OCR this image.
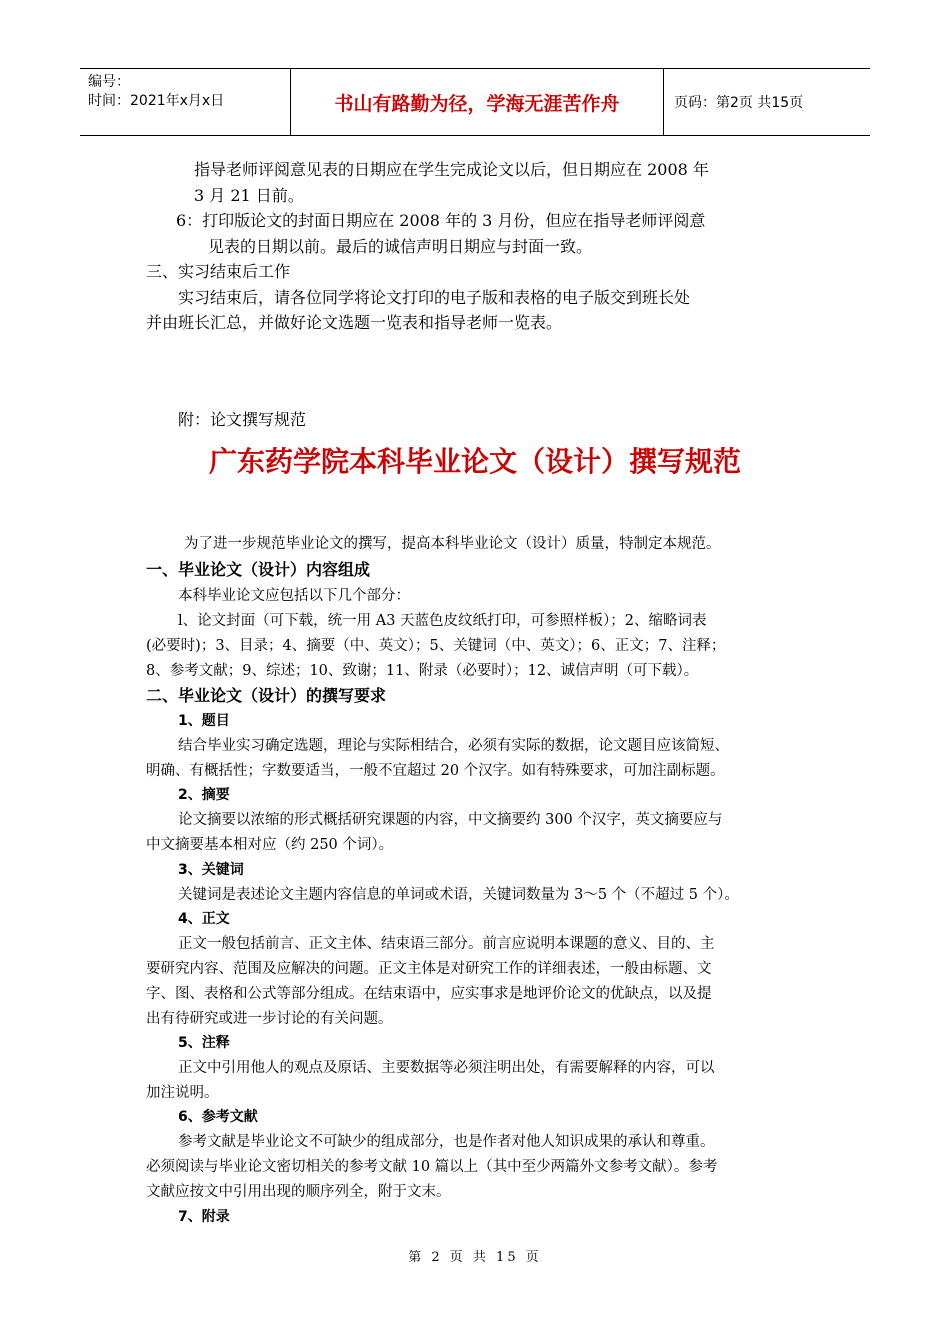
编号：
时间：2021年x月x日	书山有路勤为径，学海无涯苦作舟	页码：第2页 共15页
指导老师评阅意见表的日期应在学生完成论文以后，但日期应在 2008 年
3 月 21 日前。
6：打印版论文的封面日期应在 2008 年的 3 月份，但应在指导老师评阅意
见表的日期以前。最后的诚信声明日期应与封面一致。
三、实习结束后工作
实习结束后，请各位同学将论文打印的电子版和表格的电子版交到班长处
并由班长汇总，并做好论文选题一览表和指导老师一览表。
附：论文撰写规范
广东药学院本科毕业论文（设计）撰写规范
为了进一步规范毕业论文的撰写，提高本科毕业论文（设计）质量，特制定本规范。
一、毕业论文（设计）内容组成
本科毕业论文应包括以下几个部分：
l、论文封面（可下载，统一用 A3 天蓝色皮纹纸打印，可参照样板）；2、缩略词表
(必要时)；3、目录；4、摘要（中、英文）；5、关键词（中、英文）；6、正文；7、注释；
8、参考文献；9、综述；10、致谢；11、附录（必要时）；12、诚信声明（可下载）。
二、毕业论文（设计）的撰写要求
1、题目
结合毕业实习确定选题，理论与实际相结合，必须有实际的数据，论文题目应该简短、
明确、有概括性；字数要适当，一般不宜超过 20 个汉字。如有特殊要求，可加注副标题。
2、摘要
论文摘要以浓缩的形式概括研究课题的内容，中文摘要约 300 个汉字，英文摘要应与
中文摘要基本相对应（约 250 个词）。
3、关键词
关键词是表述论文主题内容信息的单词或术语，关键词数量为 3～5 个（不超过 5 个）。
4、正文
正文一般包括前言、正文主体、结束语三部分。前言应说明本课题的意义、目的、主
要研究内容、范围及应解决的问题。正文主体是对研究工作的详细表述，一般由标题、文
字、图、表格和公式等部分组成。在结束语中，应实事求是地评价论文的优缺点，以及提
出有待研究或进一步讨论的有关问题。
5、注释
正文中引用他人的观点及原话、主要数据等必须注明出处，有需要解释的内容，可以
加注说明。
6、参考文献
参考文献是毕业论文不可缺少的组成部分，也是作者对他人知识成果的承认和尊重。
必须阅读与毕业论文密切相关的参考文献 10 篇以上（其中至少两篇外文参考文献）。参考
文献应按文中引用出现的顺序列全，附于文末。
7、附录
第 2 页 共 15 页
